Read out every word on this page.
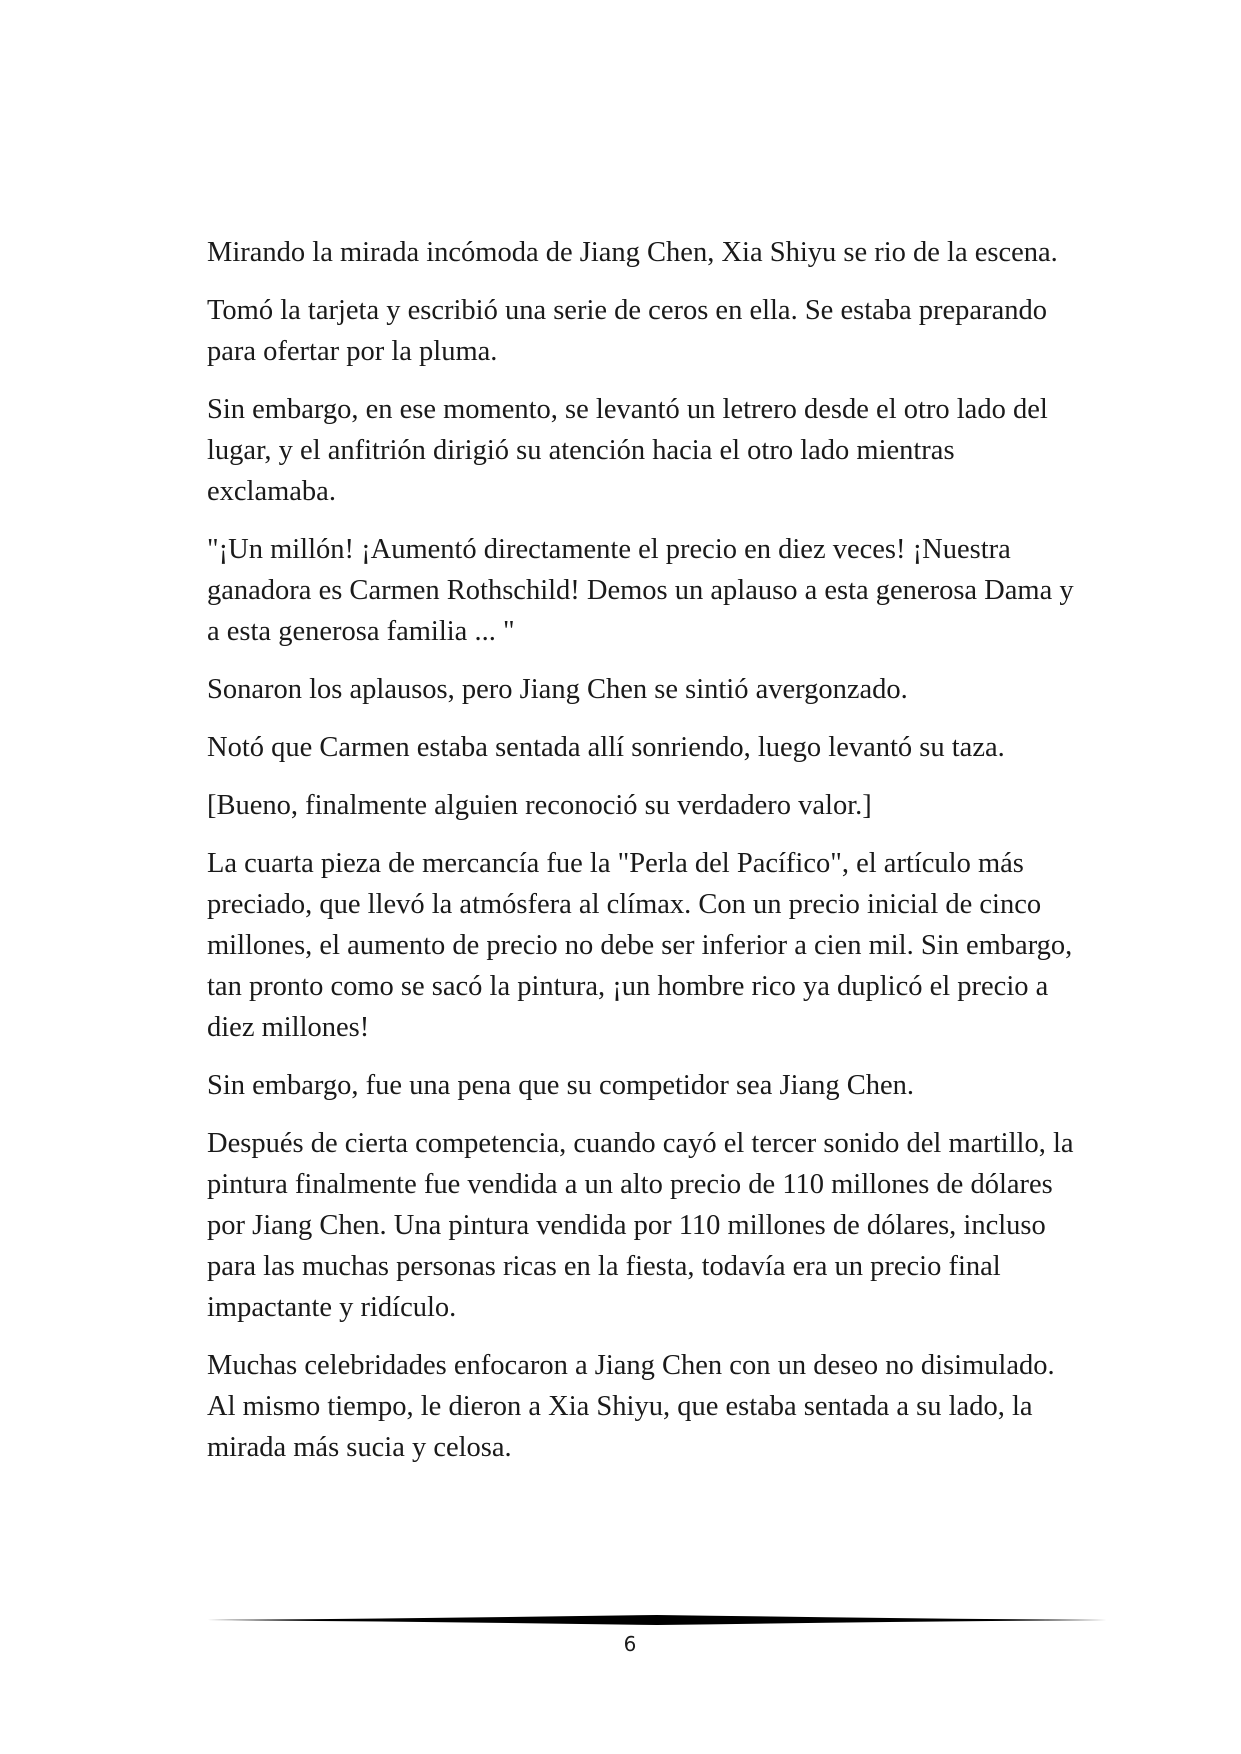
Mirando la mirada incómoda de Jiang Chen, Xia Shiyu se rio de la escena.

Tomó la tarjeta y escribió una serie de ceros en ella. Se estaba preparando para ofertar por la pluma.

Sin embargo, en ese momento, se levantó un letrero desde el otro lado del lugar, y el anfitrión dirigió su atención hacia el otro lado mientras exclamaba.

"¡Un millón! ¡Aumentó directamente el precio en diez veces! ¡Nuestra ganadora es Carmen Rothschild! Demos un aplauso a esta generosa Dama y a esta generosa familia ... "

Sonaron los aplausos, pero Jiang Chen se sintió avergonzado.

Notó que Carmen estaba sentada allí sonriendo, luego levantó su taza.

[Bueno, finalmente alguien reconoció su verdadero valor.]

La cuarta pieza de mercancía fue la "Perla del Pacífico", el artículo más preciado, que llevó la atmósfera al clímax. Con un precio inicial de cinco millones, el aumento de precio no debe ser inferior a cien mil. Sin embargo, tan pronto como se sacó la pintura, ¡un hombre rico ya duplicó el precio a diez millones!

Sin embargo, fue una pena que su competidor sea Jiang Chen.

Después de cierta competencia, cuando cayó el tercer sonido del martillo, la pintura finalmente fue vendida a un alto precio de 110 millones de dólares por Jiang Chen. Una pintura vendida por 110 millones de dólares, incluso para las muchas personas ricas en la fiesta, todavía era un precio final impactante y ridículo.

Muchas celebridades enfocaron a Jiang Chen con un deseo no disimulado. Al mismo tiempo, le dieron a Xia Shiyu, que estaba sentada a su lado, la mirada más sucia y celosa.

6
